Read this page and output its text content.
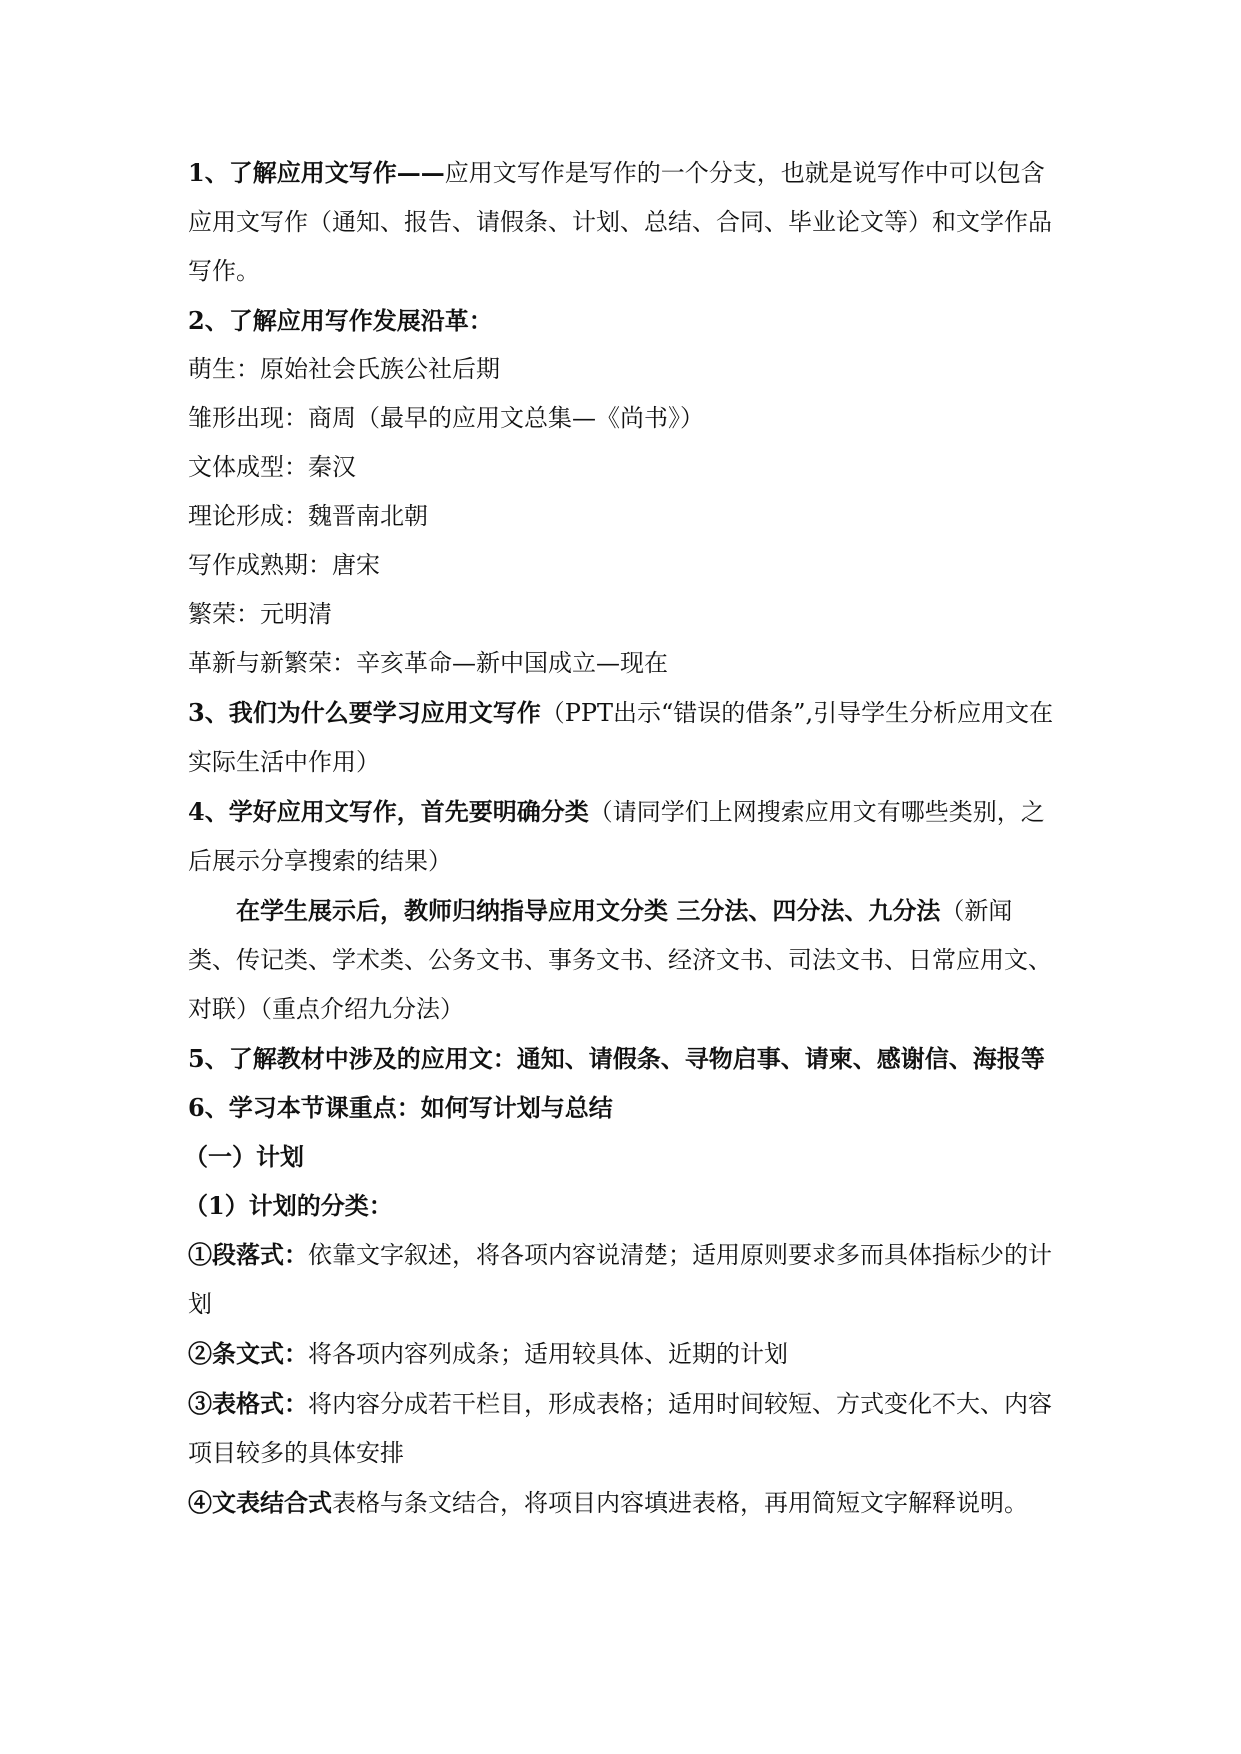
1、了解应用文写作——应用文写作是写作的一个分支，也就是说写作中可以包含应用文写作（通知、报告、请假条、计划、总结、合同、毕业论文等）和文学作品写作。

2、了解应用写作发展沿革：

萌生：原始社会氏族公社后期

雏形出现：商周（最早的应用文总集—《尚书》）

文体成型：秦汉

理论形成：魏晋南北朝

写作成熟期：唐宋

繁荣：元明清

革新与新繁荣：辛亥革命—新中国成立—现在

3、我们为什么要学习应用文写作（PPT出示“错误的借条”,引导学生分析应用文在实际生活中作用）

4、学好应用文写作，首先要明确分类（请同学们上网搜索应用文有哪些类别，之后展示分享搜索的结果）

在学生展示后，教师归纳指导应用文分类 三分法、四分法、九分法（新闻类、传记类、学术类、公务文书、事务文书、经济文书、司法文书、日常应用文、对联）（重点介绍九分法）

5、了解教材中涉及的应用文：通知、请假条、寻物启事、请柬、感谢信、海报等

6、学习本节课重点：如何写计划与总结

（一）计划

（1）计划的分类：

①段落式：依靠文字叙述，将各项内容说清楚；适用原则要求多而具体指标少的计划

②条文式：将各项内容列成条；适用较具体、近期的计划

③表格式：将内容分成若干栏目，形成表格；适用时间较短、方式变化不大、内容项目较多的具体安排

④文表结合式表格与条文结合，将项目内容填进表格，再用简短文字解释说明。
